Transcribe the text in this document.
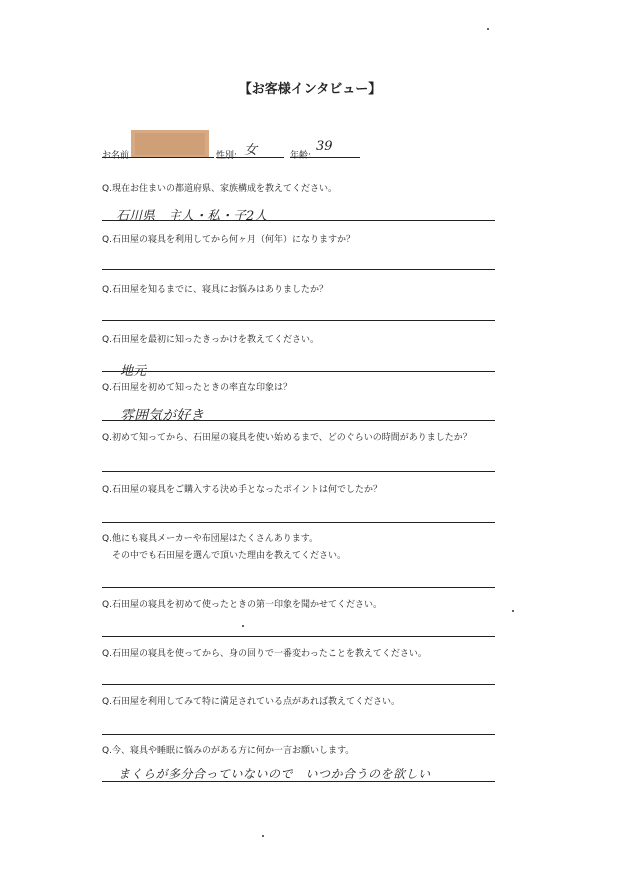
【お客様インタビュー】
お名前	性別: 女	年齢:
39
Q.現在お住まいの都道府県、家族構成を教えてください。
石川県　主人・私・子2人
Q.石田屋の寝具を利用してから何ヶ月（何年）になりますか？
Q.石田屋を知るまでに、寝具にお悩みはありましたか？
Q.石田屋を最初に知ったきっかけを教えてください。
地元
Q.石田屋を初めて知ったときの率直な印象は？
雰囲気が好き
Q.初めて知ってから、石田屋の寝具を使い始めるまで、どのぐらいの時間がありましたか？
Q.石田屋の寝具をご購入する決め手となったポイントは何でしたか？
Q.他にも寝具メーカーや布団屋はたくさんあります。
その中でも石田屋を選んで頂いた理由を教えてください。
Q.石田屋の寝具を初めて使ったときの第一印象を聞かせてください。
Q.石田屋の寝具を使ってから、身の回りで一番変わったことを教えてください。
Q.石田屋を利用してみて特に満足されている点があれば教えてください。
Q.今、寝具や睡眠に悩みのがある方に何か一言お願いします。
まくらが多分合っていないので　いつか合うのを欲しい
